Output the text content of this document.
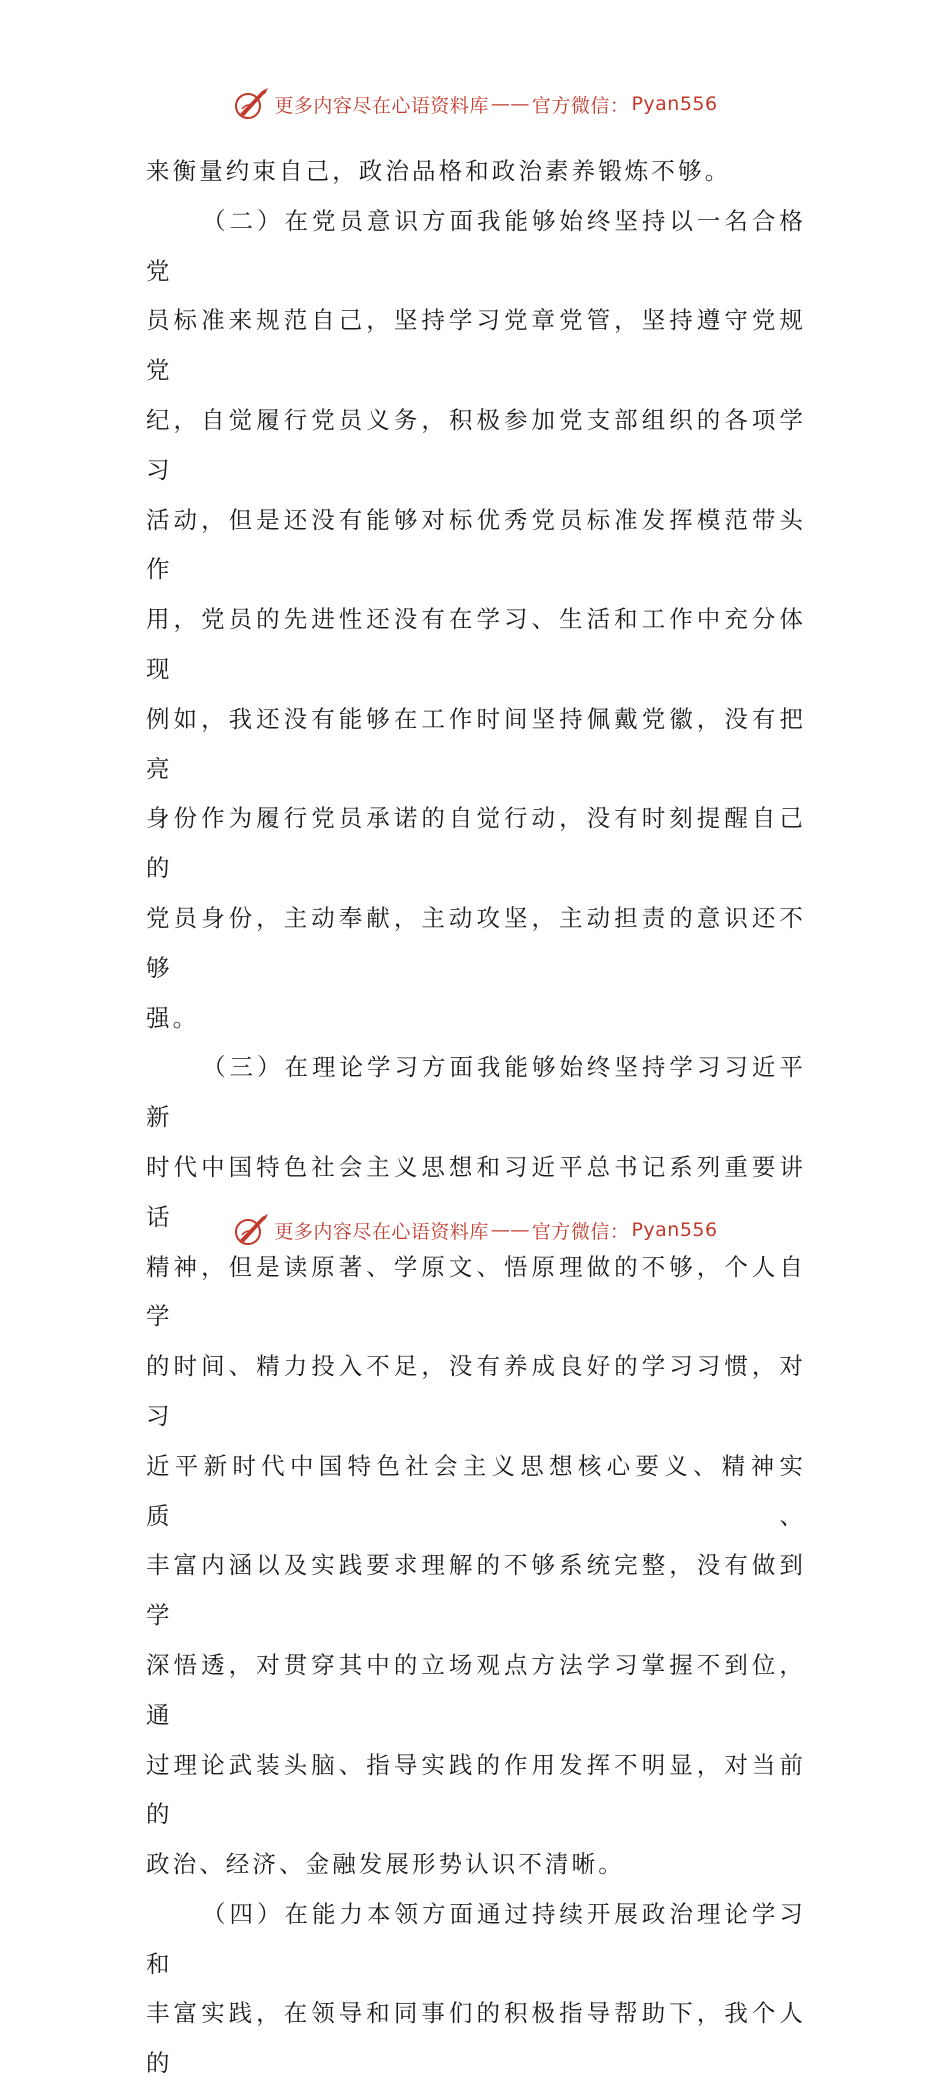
更多内容尽在心语资料库 —— 官方微信： Pyan556

来衡量约束自己，政治品格和政治素养锻炼不够。

（二）在党员意识方面我能够始终坚持以一名合格党

员标准来规范自己，坚持学习党章党管，坚持遵守党规党

纪，自觉履行党员义务，积极参加党支部组织的各项学习

活动，但是还没有能够对标优秀党员标准发挥模范带头作

用，党员的先进性还没有在学习、生活和工作中充分体现

例如，我还没有能够在工作时间坚持佩戴党徽，没有把亮

身份作为履行党员承诺的自觉行动，没有时刻提醒自己的

党员身份，主动奉献，主动攻坚，主动担责的意识还不够

强。

（三）在理论学习方面我能够始终坚持学习习近平新

时代中国特色社会主义思想和习近平总书记系列重要讲话

精神，但是读原著、学原文、悟原理做的不够，个人自学

的时间、精力投入不足，没有养成良好的学习习惯，对习

近平新时代中国特色社会主义思想核心要义、精神实质、

丰富内涵以及实践要求理解的不够系统完整，没有做到学

深悟透，对贯穿其中的立场观点方法学习掌握不到位，通

过理论武装头脑、指导实践的作用发挥不明显，对当前的

政治、经济、金融发展形势认识不清晰。

（四）在能力本领方面通过持续开展政治理论学习和

丰富实践，在领导和同事们的积极指导帮助下，我个人的

更多内容尽在心语资料库 —— 官方微信： Pyan556
